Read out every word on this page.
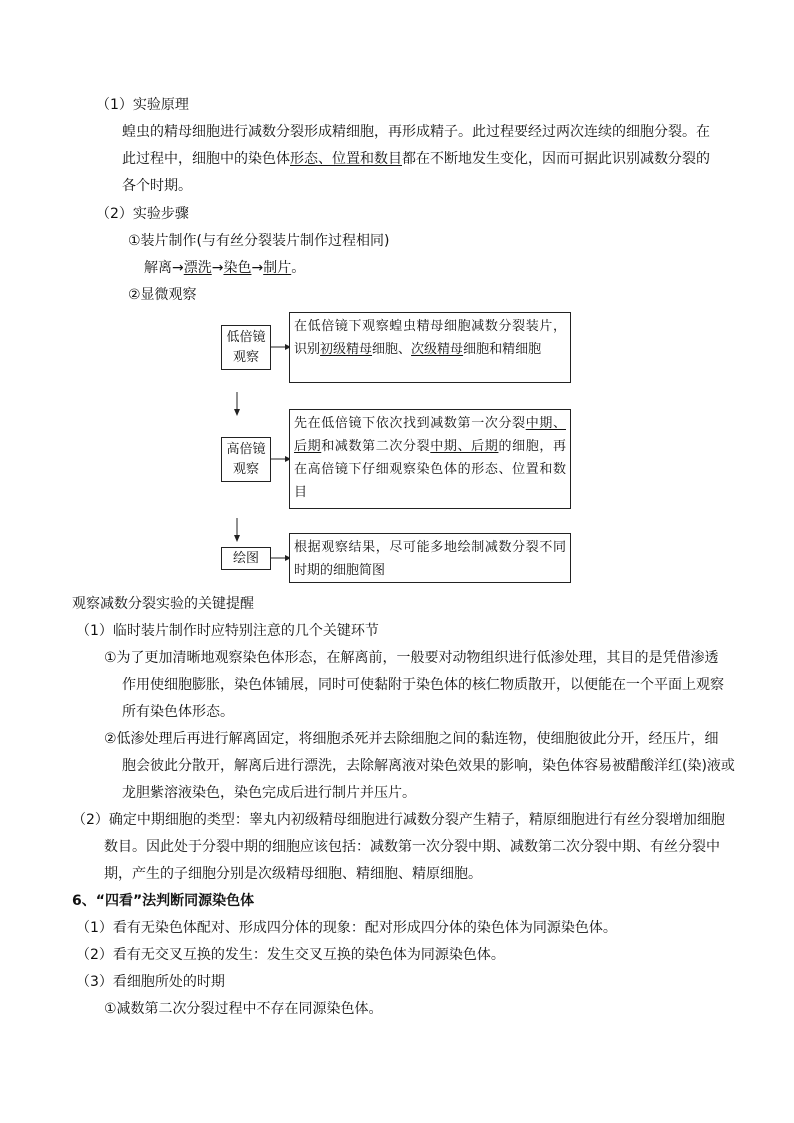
（1）实验原理
蝗虫的精母细胞进行减数分裂形成精细胞，再形成精子。此过程要经过两次连续的细胞分裂。在
此过程中，细胞中的染色体形态、位置和数目都在不断地发生变化，因而可据此识别减数分裂的
各个时期。
（2）实验步骤
①装片制作(与有丝分裂装片制作过程相同)
解离→漂洗→染色→制片。
②显微观察
低倍镜
观察
在低倍镜下观察蝗虫精母细胞减数分裂装片，识别初级精母细胞、次级精母细胞和精细胞
高倍镜
观察
先在低倍镜下依次找到减数第一次分裂中期、后期和减数第二次分裂中期、后期的细胞，再在高倍镜下仔细观察染色体的形态、位置和数目
绘图
根据观察结果，尽可能多地绘制减数分裂不同时期的细胞简图
观察减数分裂实验的关键提醒
（1）临时装片制作时应特别注意的几个关键环节
①为了更加清晰地观察染色体形态，在解离前，一般要对动物组织进行低渗处理，其目的是凭借渗透
作用使细胞膨胀，染色体铺展，同时可使黏附于染色体的核仁物质散开，以便能在一个平面上观察
所有染色体形态。
②低渗处理后再进行解离固定，将细胞杀死并去除细胞之间的黏连物，使细胞彼此分开，经压片，细
胞会彼此分散开，解离后进行漂洗，去除解离液对染色效果的影响，染色体容易被醋酸洋红(染)液或
龙胆紫溶液染色，染色完成后进行制片并压片。
（2）确定中期细胞的类型：睾丸内初级精母细胞进行减数分裂产生精子，精原细胞进行有丝分裂增加细胞
数目。因此处于分裂中期的细胞应该包括：减数第一次分裂中期、减数第二次分裂中期、有丝分裂中
期，产生的子细胞分别是次级精母细胞、精细胞、精原细胞。
6、“四看”法判断同源染色体
（1）看有无染色体配对、形成四分体的现象：配对形成四分体的染色体为同源染色体。
（2）看有无交叉互换的发生：发生交叉互换的染色体为同源染色体。
（3）看细胞所处的时期
①减数第二次分裂过程中不存在同源染色体。
